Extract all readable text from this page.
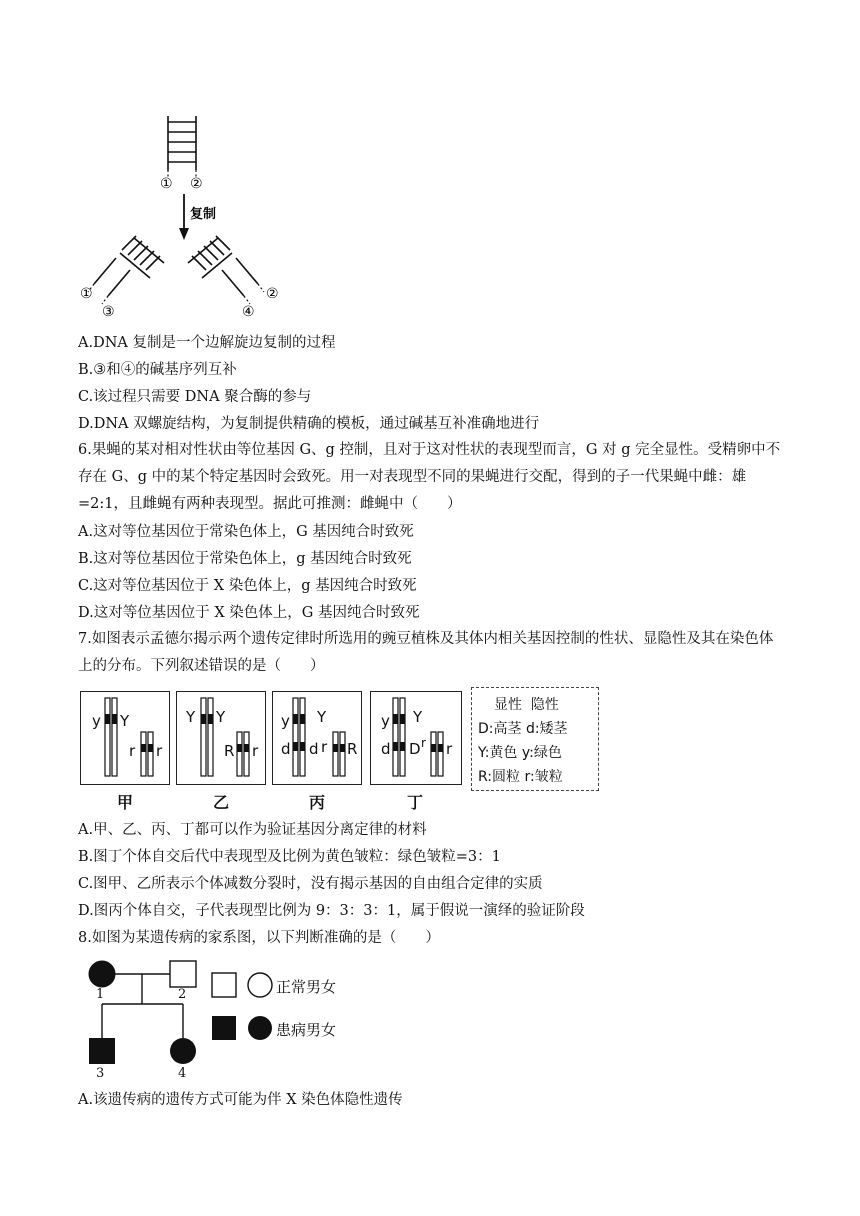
① ②
复制
①
③
②
④
A.DNA 复制是一个边解旋边复制的过程
B.③和④的碱基序列互补
C.该过程只需要 DNA 聚合酶的参与
D.DNA 双螺旋结构，为复制提供精确的模板，通过碱基互补准确地进行
6.果蝇的某对相对性状由等位基因 G、g 控制，且对于这对性状的表现型而言，G 对 g 完全显性。受精卵中不存在 G、g 中的某个特定基因时会致死。用一对表现型不同的果蝇进行交配，得到的子一代果蝇中雌：雄=2:1，且雌蝇有两种表现型。据此可推测：雌蝇中（　　）
A.这对等位基因位于常染色体上，G 基因纯合时致死
B.这对等位基因位于常染色体上，g 基因纯合时致死
C.这对等位基因位于 X 染色体上，g 基因纯合时致死
D.这对等位基因位于 X 染色体上，G 基因纯合时致死
7.如图表示孟德尔揭示两个遗传定律时所选用的豌豆植株及其体内相关基因控制的性状、显隐性及其在染色体上的分布。下列叙述错误的是（　　）
y Y
r r
甲
Y Y
R r
乙
y Y
d d r R
丙
y Y
d D r r
丁
显性  隐性
D:高茎 d:矮茎
Y:黄色 y:绿色
R:圆粒 r:皱粒
A.甲、乙、丙、丁都可以作为验证基因分离定律的材料
B.图丁个体自交后代中表现型及比例为黄色皱粒：绿色皱粒=3：1
C.图甲、乙所表示个体减数分裂时，没有揭示基因的自由组合定律的实质
D.图丙个体自交，子代表现型比例为 9：3：3：1，属于假说一演绎的验证阶段
8.如图为某遗传病的家系图，以下判断准确的是（　　）
1	2
3	4
正常男女
患病男女
A.该遗传病的遗传方式可能为伴 X 染色体隐性遗传
